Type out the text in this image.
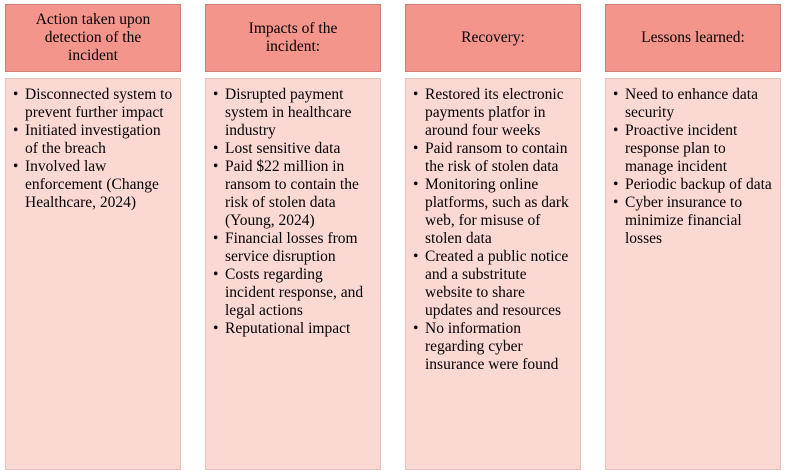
Action taken upon detection of the incident
• Disconnected system to prevent further impact
• Initiated investigation of the breach
• Involved law enforcement (Change Healthcare, 2024)
Impacts of the incident:
• Disrupted payment system in healthcare industry
• Lost sensitive data
• Paid $22 million in ransom to contain the risk of stolen data (Young, 2024)
• Financial losses from service disruption
• Costs regarding incident response, and legal actions
• Reputational impact
Recovery:
• Restored its electronic payments platfor in around four weeks
• Paid ransom to contain the risk of stolen data
• Monitoring online platforms, such as dark web, for misuse of stolen data
• Created a public notice and a substritute website to share updates and resources
• No information regarding cyber insurance were found
Lessons learned:
• Need to enhance data security
• Proactive incident response plan to manage incident
• Periodic backup of data
• Cyber insurance to minimize financial losses
